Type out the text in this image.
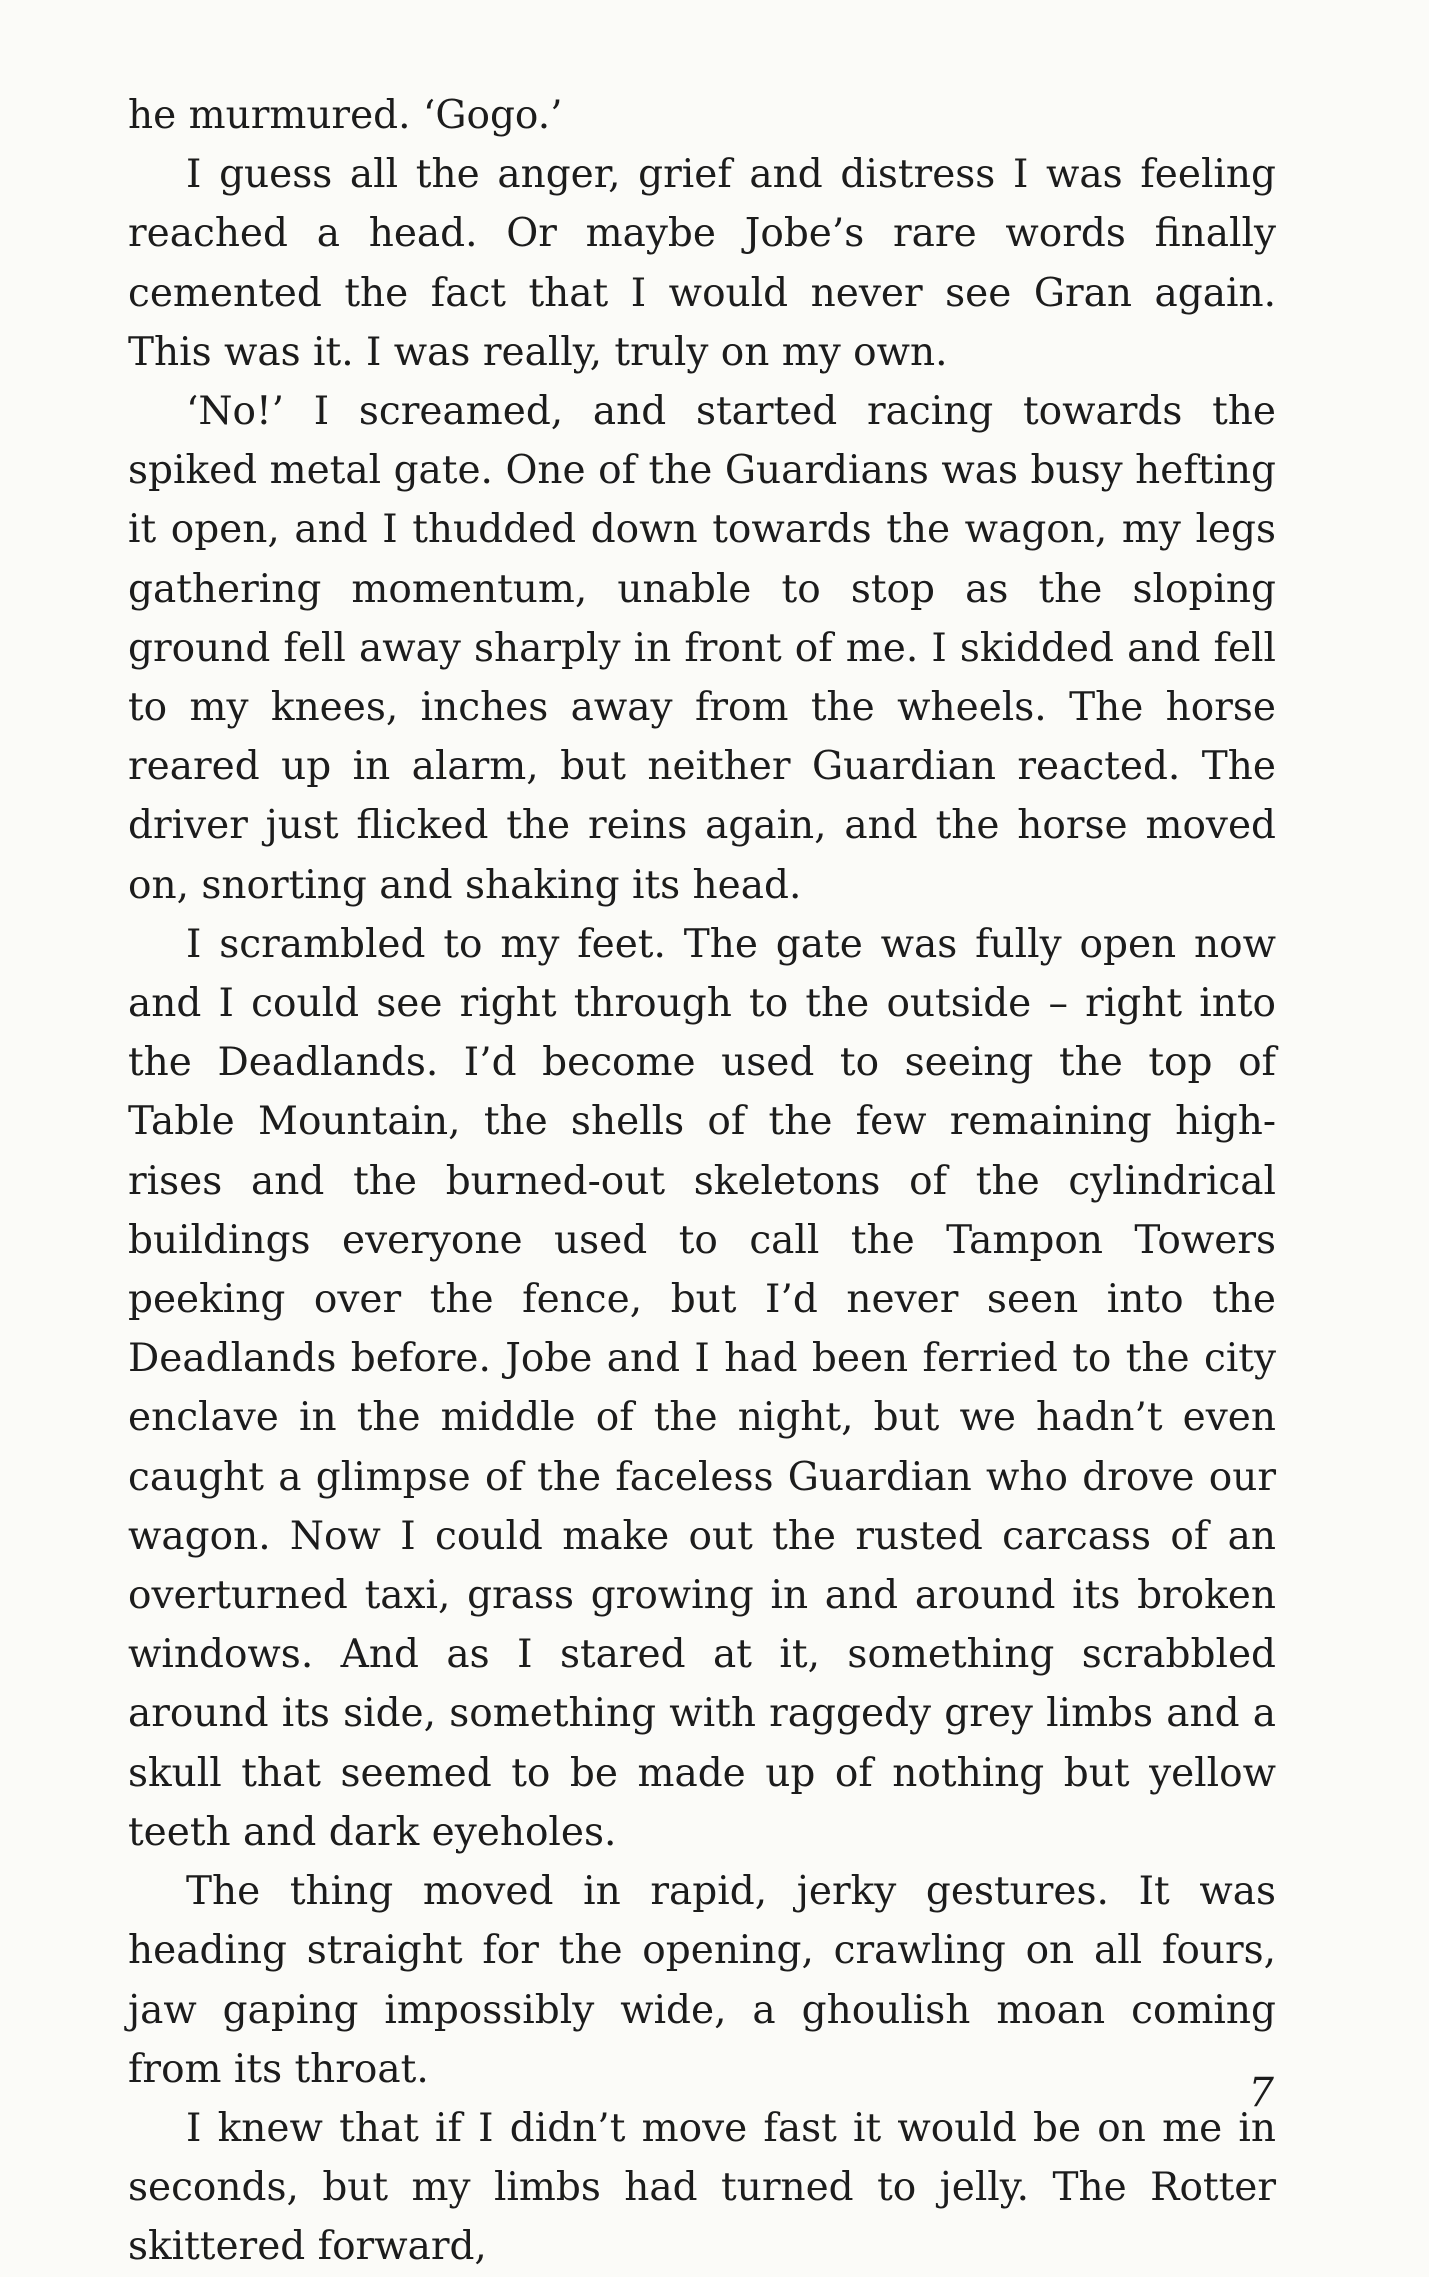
he murmured. ‘Gogo.’

I guess all the anger, grief and distress I was feeling reached a head. Or maybe Jobe’s rare words finally cemented the fact that I would never see Gran again. This was it. I was really, truly on my own.

‘No!’ I screamed, and started racing towards the spiked metal gate. One of the Guardians was busy hefting it open, and I thudded down towards the wagon, my legs gathering momentum, unable to stop as the sloping ground fell away sharply in front of me. I skidded and fell to my knees, inches away from the wheels. The horse reared up in alarm, but neither Guardian reacted. The driver just flicked the reins again, and the horse moved on, snorting and shaking its head.

I scrambled to my feet. The gate was fully open now and I could see right through to the outside – right into the Deadlands. I’d become used to seeing the top of Table Mountain, the shells of the few remaining high-rises and the burned-out skeletons of the cylindrical buildings everyone used to call the Tampon Towers peeking over the fence, but I’d never seen into the Deadlands before. Jobe and I had been ferried to the city enclave in the middle of the night, but we hadn’t even caught a glimpse of the faceless Guardian who drove our wagon. Now I could make out the rusted carcass of an overturned taxi, grass growing in and around its broken windows. And as I stared at it, something scrabbled around its side, something with raggedy grey limbs and a skull that seemed to be made up of nothing but yellow teeth and dark eyeholes.

The thing moved in rapid, jerky gestures. It was heading straight for the opening, crawling on all fours, jaw gaping impossibly wide, a ghoulish moan coming from its throat.

I knew that if I didn’t move fast it would be on me in seconds, but my limbs had turned to jelly. The Rotter skittered forward,

7
